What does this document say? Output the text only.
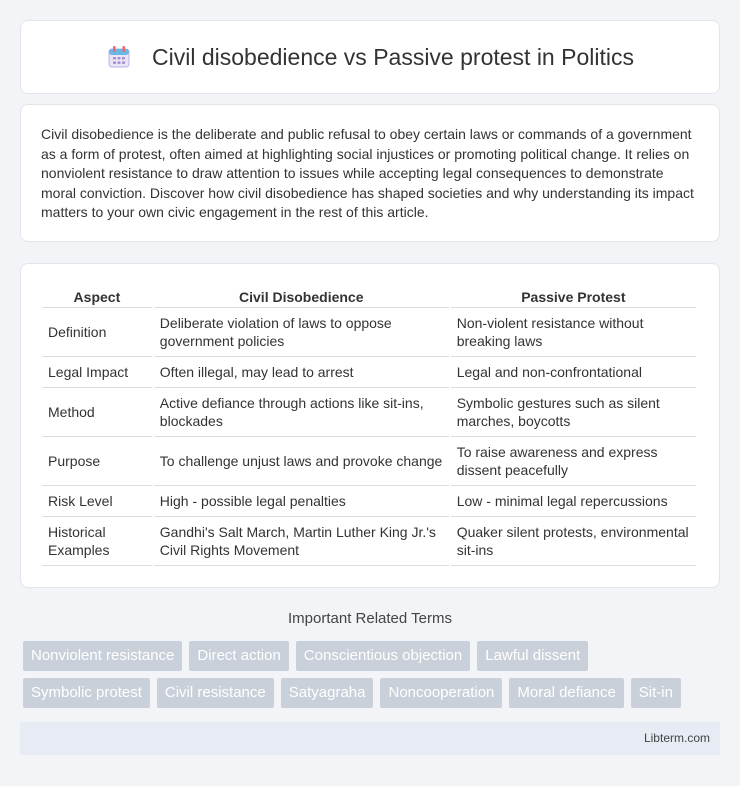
Civil disobedience vs Passive protest in Politics

Civil disobedience is the deliberate and public refusal to obey certain laws or commands of a government as a form of protest, often aimed at highlighting social injustices or promoting political change. It relies on nonviolent resistance to draw attention to issues while accepting legal consequences to demonstrate moral conviction. Discover how civil disobedience has shaped societies and why understanding its impact matters to your own civic engagement in the rest of this article.

Aspect	Civil Disobedience	Passive Protest
Definition	Deliberate violation of laws to oppose government policies	Non-violent resistance without breaking laws
Legal Impact	Often illegal, may lead to arrest	Legal and non-confrontational
Method	Active defiance through actions like sit-ins, blockades	Symbolic gestures such as silent marches, boycotts
Purpose	To challenge unjust laws and provoke change	To raise awareness and express dissent peacefully
Risk Level	High - possible legal penalties	Low - minimal legal repercussions
Historical Examples	Gandhi's Salt March, Martin Luther King Jr.'s Civil Rights Movement	Quaker silent protests, environmental sit-ins
Important Related Terms
Nonviolent resistance	Direct action	Conscientious objection	Lawful dissent
Symbolic protest	Civil resistance	Satyagraha	Noncooperation	Moral defiance	Sit-in
Libterm.com
